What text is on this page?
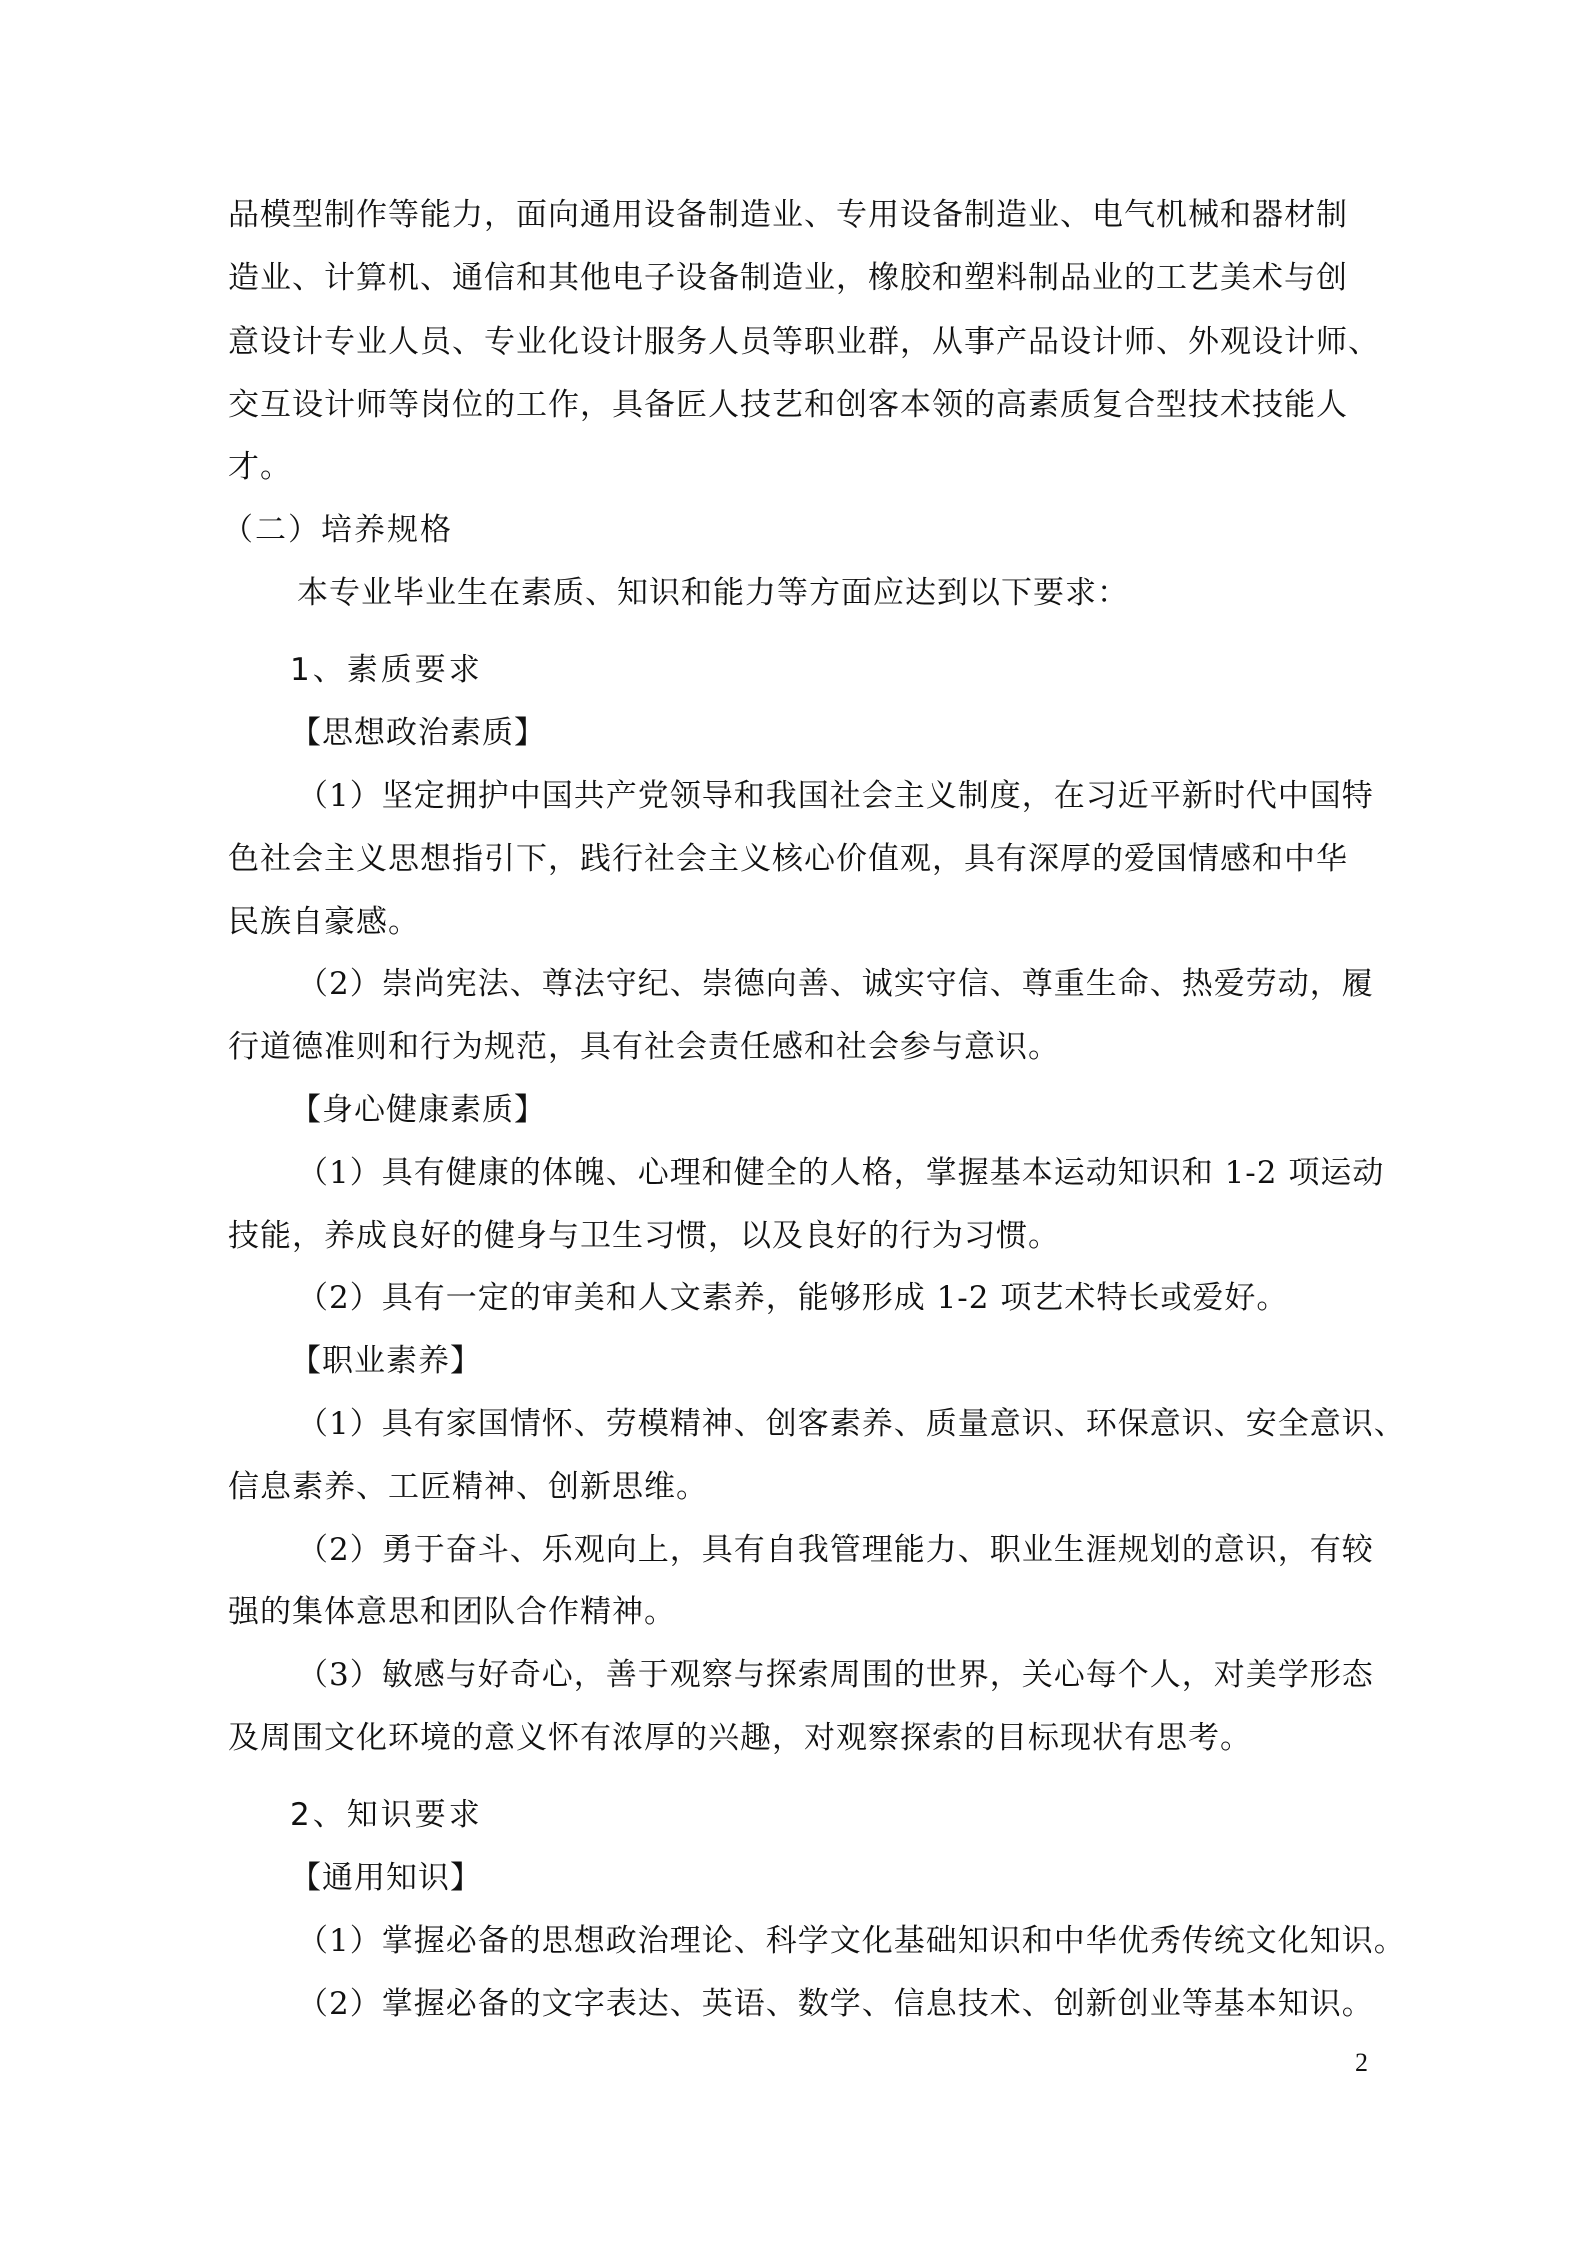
品模型制作等能力，面向通用设备制造业、专用设备制造业、电气机械和器材制
造业、计算机、通信和其他电子设备制造业，橡胶和塑料制品业的工艺美术与创
意设计专业人员、专业化设计服务人员等职业群，从事产品设计师、外观设计师、
交互设计师等岗位的工作，具备匠人技艺和创客本领的高素质复合型技术技能人
才。
（二）培养规格
本专业毕业生在素质、知识和能力等方面应达到以下要求：
1、素质要求
【思想政治素质】
（1）坚定拥护中国共产党领导和我国社会主义制度，在习近平新时代中国特
色社会主义思想指引下，践行社会主义核心价值观，具有深厚的爱国情感和中华
民族自豪感。
（2）崇尚宪法、尊法守纪、崇德向善、诚实守信、尊重生命、热爱劳动，履
行道德准则和行为规范，具有社会责任感和社会参与意识。
【身心健康素质】
（1）具有健康的体魄、心理和健全的人格，掌握基本运动知识和 1-2 项运动
技能，养成良好的健身与卫生习惯，以及良好的行为习惯。
（2）具有一定的审美和人文素养，能够形成 1-2 项艺术特长或爱好。
【职业素养】
（1）具有家国情怀、劳模精神、创客素养、质量意识、环保意识、安全意识、
信息素养、工匠精神、创新思维。
（2）勇于奋斗、乐观向上，具有自我管理能力、职业生涯规划的意识，有较
强的集体意思和团队合作精神。
（3）敏感与好奇心，善于观察与探索周围的世界，关心每个人，对美学形态
及周围文化环境的意义怀有浓厚的兴趣，对观察探索的目标现状有思考。
2、知识要求
【通用知识】
（1）掌握必备的思想政治理论、科学文化基础知识和中华优秀传统文化知识。
（2）掌握必备的文字表达、英语、数学、信息技术、创新创业等基本知识。
2
